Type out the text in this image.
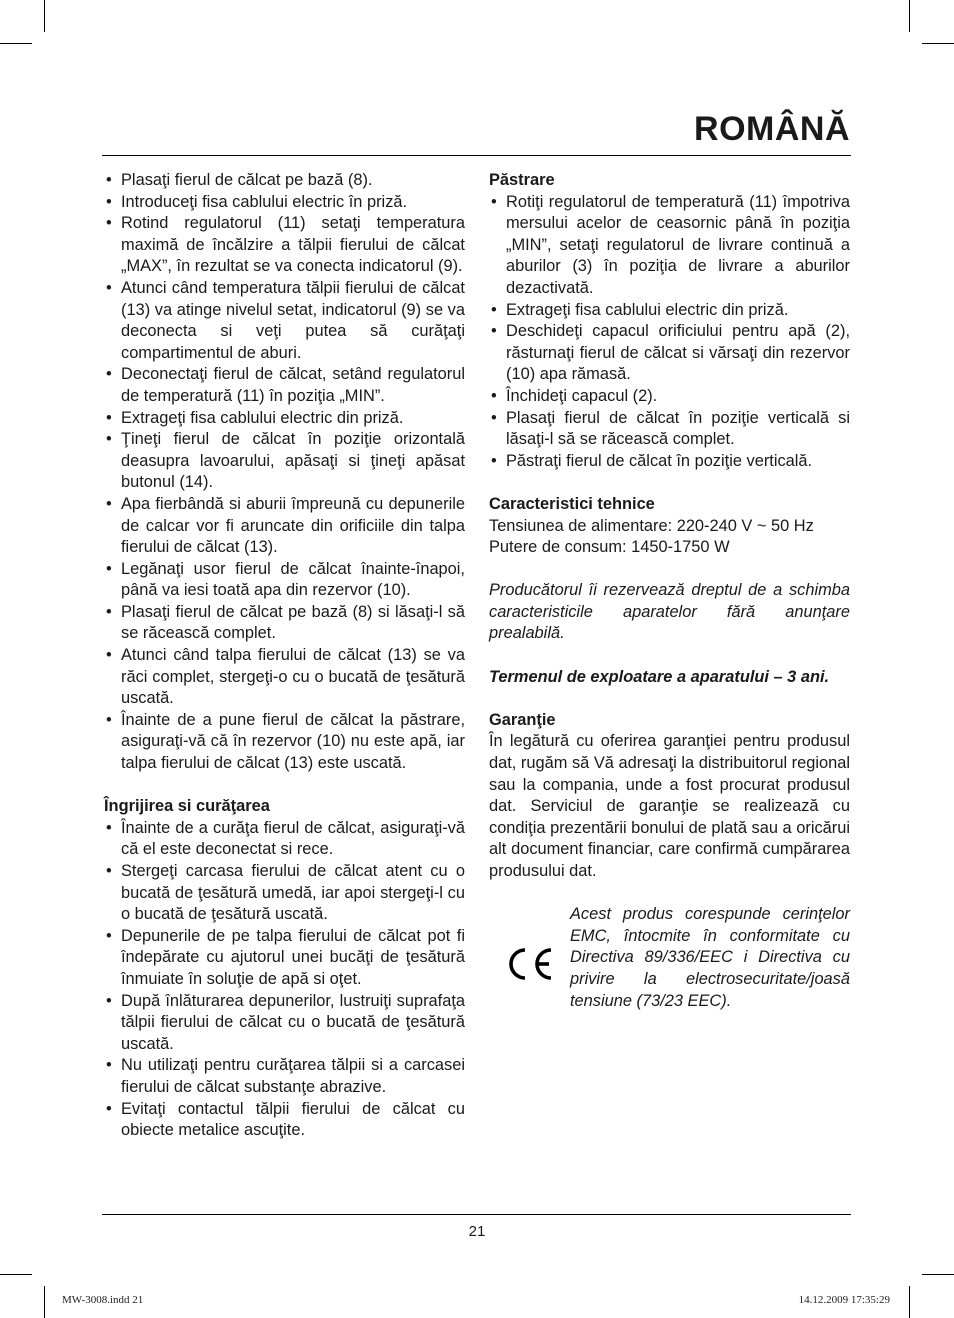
ROMÂNĂ
• Plasaţi fierul de călcat pe bază (8).
• Introduceţi fisa cablului electric în priză.
• Rotind regulatorul (11) setaţi temperatura maximă de încălzire a tălpii fierului de călcat „MAX”, în rezultat se va conecta indicatorul (9).
• Atunci când temperatura tălpii fierului de călcat (13) va atinge nivelul setat, indicatorul (9) se va deconecta si veţi putea să curăţaţi compartimentul de aburi.
• Deconectaţi fierul de călcat, setând regulatorul de temperatură (11) în poziţia „MIN”.
• Extrageţi fisa cablului electric din priză.
• Ţineţi fierul de călcat în poziţie orizontală deasupra lavoarului, apăsaţi si ţineţi apăsat butonul (14).
• Apa fierbândă si aburii împreună cu depunerile de calcar vor fi aruncate din orificiile din talpa fierului de călcat (13).
• Legănaţi usor fierul de călcat înainte-înapoi, până va iesi toată apa din rezervor (10).
• Plasaţi fierul de călcat pe bază (8) si lăsaţi-l să se răcească complet.
• Atunci când talpa fierului de călcat (13) se va răci complet, stergeţi-o cu o bucată de ţesătură uscată.
• Înainte de a pune fierul de călcat la păstrare, asiguraţi-vă că în rezervor (10) nu este apă, iar talpa fierului de călcat (13) este uscată.

Îngrijirea si curăţarea

• Înainte de a curăţa fierul de călcat, asiguraţi-vă că el este deconectat si rece.
• Stergeţi carcasa fierului de călcat atent cu o bucată de ţesătură umedă, iar apoi stergeţi-l cu o bucată de ţesătură uscată.
• Depunerile de pe talpa fierului de călcat pot fi îndepărate cu ajutorul unei bucăţi de ţesătură înmuiate în soluţie de apă si oţet.
• După înlăturarea depunerilor, lustruiţi suprafaţa tălpii fierului de călcat cu o bucată de ţesătură uscată.
• Nu utilizaţi pentru curăţarea tălpii si a carcasei fierului de călcat substanţe abrazive.
• Evitaţi contactul tălpii fierului de călcat cu obiecte metalice ascuţite.

Păstrare

• Rotiţi regulatorul de temperatură (11) împotriva mersului acelor de ceasornic până în poziţia „MIN”, setaţi regulatorul de livrare continuă a aburilor (3) în poziţia de livrare a aburilor dezactivată.
• Extrageţi fisa cablului electric din priză.
• Deschideţi capacul orificiului pentru apă (2), răsturnaţi fierul de călcat si vărsaţi din rezervor (10) apa rămasă.
• Închideţi capacul (2).
• Plasaţi fierul de călcat în poziţie verticală si lăsaţi-l să se răcească complet.
• Păstraţi fierul de călcat în poziţie verticală.

Caracteristici tehnice

Tensiunea de alimentare: 220-240 V ~ 50 Hz

Putere de consum: 1450-1750 W

Producătorul îi rezervează dreptul de a schimba caracteristicile aparatelor fără anunţare prealabilă.

Termenul de exploatare a aparatului – 3 ani.

Garanţie

În legătură cu oferirea garanţiei pentru produsul dat, rugăm să Vă adresaţi la distribuitorul regional sau la compania, unde a fost procurat produsul dat. Serviciul de garanţie se realizează cu condiţia prezentării bonului de plată sau a oricărui alt document financiar, care confirmă cumpărarea produsului dat.

Acest produs corespunde cerinţelor EMC, întocmite în conformitate cu Directiva 89/336/EEC i Directiva cu privire la electrosecuritate/joasă tensiune (73/23 EEC).

21
MW-3008.indd 21	14.12.2009 17:35:29
